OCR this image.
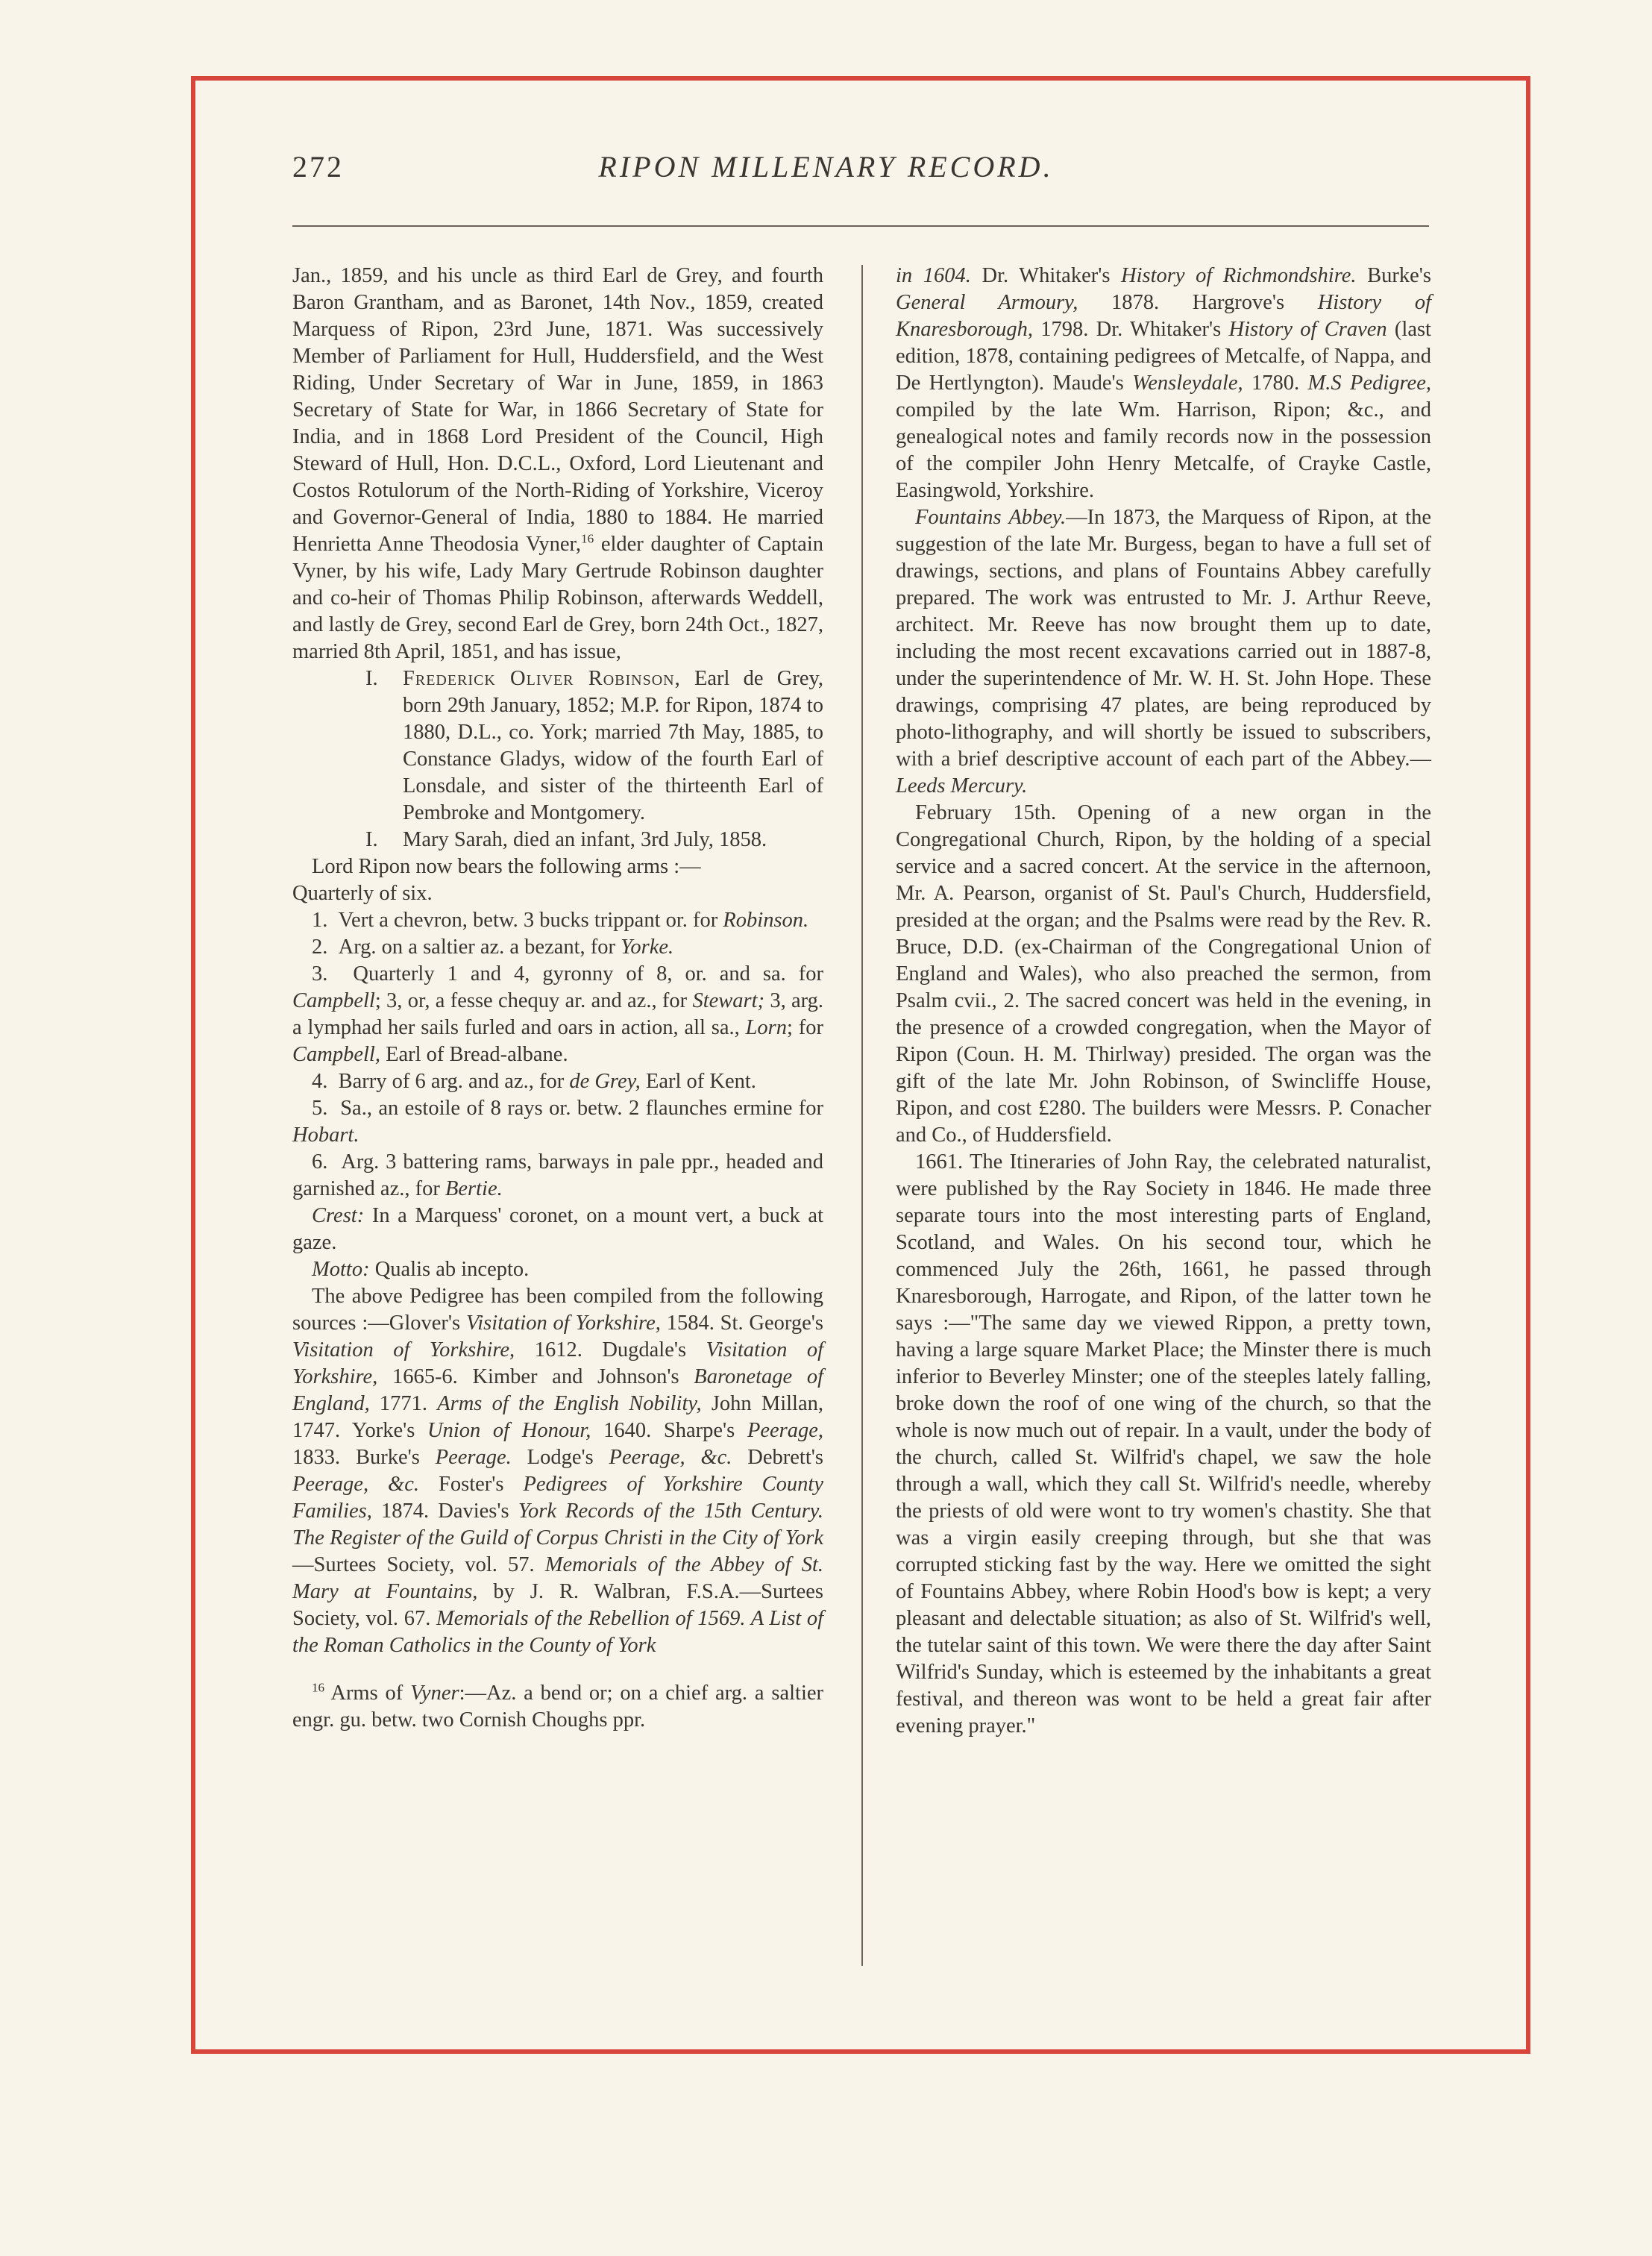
272	RIPON MILLENARY RECORD.

Jan., 1859, and his uncle as third Earl de Grey, and fourth Baron Grantham, and as Baronet, 14th Nov., 1859, created Marquess of Ripon, 23rd June, 1871. Was successively Member of Parliament for Hull, Huddersfield, and the West Riding, Under Secretary of War in June, 1859, in 1863 Secretary of State for War, in 1866 Secretary of State for India, and in 1868 Lord President of the Council, High Steward of Hull, Hon. D.C.L., Oxford, Lord Lieutenant and Costos Rotulorum of the North-Riding of Yorkshire, Viceroy and Governor-General of India, 1880 to 1884. He married Henrietta Anne Theodosia Vyner,$^{16}$ elder daughter of Captain Vyner, by his wife, Lady Mary Gertrude Robinson daughter and co-heir of Thomas Philip Robinson, afterwards Weddell, and lastly de Grey, second Earl de Grey, born 24th Oct., 1827, married 8th April, 1851, and has issue,

I. Frederick Oliver Robinson, Earl de Grey, born 29th January, 1852; M.P. for Ripon, 1874 to 1880, D.L., co. York; married 7th May, 1885, to Constance Gladys, widow of the fourth Earl of Lonsdale, and sister of the thirteenth Earl of Pembroke and Montgomery.

I. Mary Sarah, died an infant, 3rd July, 1858.

Lord Ripon now bears the following arms :—

Quarterly of six.

1. Vert a chevron, betw. 3 bucks trippant or. for Robinson.

2. Arg. on a saltier az. a bezant, for Yorke.

3. Quarterly 1 and 4, gyronny of 8, or. and sa. for Campbell; 3, or, a fesse chequy ar. and az., for Stewart; 3, arg. a lymphad her sails furled and oars in action, all sa., Lorn; for Campbell, Earl of Bread-albane.

4. Barry of 6 arg. and az., for de Grey, Earl of Kent.

5. Sa., an estoile of 8 rays or. betw. 2 flaunches ermine for Hobart.

6. Arg. 3 battering rams, barways in pale ppr., headed and garnished az., for Bertie.

Crest: In a Marquess' coronet, on a mount vert, a buck at gaze.

Motto: Qualis ab incepto.

The above Pedigree has been compiled from the following sources :—Glover's Visitation of Yorkshire, 1584. St. George's Visitation of Yorkshire, 1612. Dugdale's Visitation of Yorkshire, 1665-6. Kimber and Johnson's Baronetage of England, 1771. Arms of the English Nobility, John Millan, 1747. Yorke's Union of Honour, 1640. Sharpe's Peerage, 1833. Burke's Peerage. Lodge's Peerage, &c. Debrett's Peerage, &c. Foster's Pedigrees of Yorkshire County Families, 1874. Davies's York Records of the 15th Century. The Register of the Guild of Corpus Christi in the City of York—Surtees Society, vol. 57. Memorials of the Abbey of St. Mary at Fountains, by J. R. Walbran, F.S.A.—Surtees Society, vol. 67. Memorials of the Rebellion of 1569. A List of the Roman Catholics in the County of York

$^{16}$ Arms of Vyner:—Az. a bend or; on a chief arg. a saltier engr. gu. betw. two Cornish Choughs ppr.

in 1604. Dr. Whitaker's History of Richmondshire. Burke's General Armoury, 1878. Hargrove's History of Knaresborough, 1798. Dr. Whitaker's History of Craven (last edition, 1878, containing pedigrees of Metcalfe, of Nappa, and De Hertlyngton). Maude's Wensleydale, 1780. M.S Pedigree, compiled by the late Wm. Harrison, Ripon; &c., and genealogical notes and family records now in the possession of the compiler John Henry Metcalfe, of Crayke Castle, Easingwold, Yorkshire.

Fountains Abbey.—In 1873, the Marquess of Ripon, at the suggestion of the late Mr. Burgess, began to have a full set of drawings, sections, and plans of Fountains Abbey carefully prepared. The work was entrusted to Mr. J. Arthur Reeve, architect. Mr. Reeve has now brought them up to date, including the most recent excavations carried out in 1887-8, under the superintendence of Mr. W. H. St. John Hope. These drawings, comprising 47 plates, are being reproduced by photo-lithography, and will shortly be issued to subscribers, with a brief descriptive account of each part of the Abbey.—Leeds Mercury.

February 15th. Opening of a new organ in the Congregational Church, Ripon, by the holding of a special service and a sacred concert. At the service in the afternoon, Mr. A. Pearson, organist of St. Paul's Church, Huddersfield, presided at the organ; and the Psalms were read by the Rev. R. Bruce, D.D. (ex-Chairman of the Congregational Union of England and Wales), who also preached the sermon, from Psalm cvii., 2. The sacred concert was held in the evening, in the presence of a crowded congregation, when the Mayor of Ripon (Coun. H. M. Thirlway) presided. The organ was the gift of the late Mr. John Robinson, of Swincliffe House, Ripon, and cost £280. The builders were Messrs. P. Conacher and Co., of Huddersfield.

1661. The Itineraries of John Ray, the celebrated naturalist, were published by the Ray Society in 1846. He made three separate tours into the most interesting parts of England, Scotland, and Wales. On his second tour, which he commenced July the 26th, 1661, he passed through Knaresborough, Harrogate, and Ripon, of the latter town he says :—"The same day we viewed Rippon, a pretty town, having a large square Market Place; the Minster there is much inferior to Beverley Minster; one of the steeples lately falling, broke down the roof of one wing of the church, so that the whole is now much out of repair. In a vault, under the body of the church, called St. Wilfrid's chapel, we saw the hole through a wall, which they call St. Wilfrid's needle, whereby the priests of old were wont to try women's chastity. She that was a virgin easily creeping through, but she that was corrupted sticking fast by the way. Here we omitted the sight of Fountains Abbey, where Robin Hood's bow is kept; a very pleasant and delectable situation; as also of St. Wilfrid's well, the tutelar saint of this town. We were there the day after Saint Wilfrid's Sunday, which is esteemed by the inhabitants a great festival, and thereon was wont to be held a great fair after evening prayer."
